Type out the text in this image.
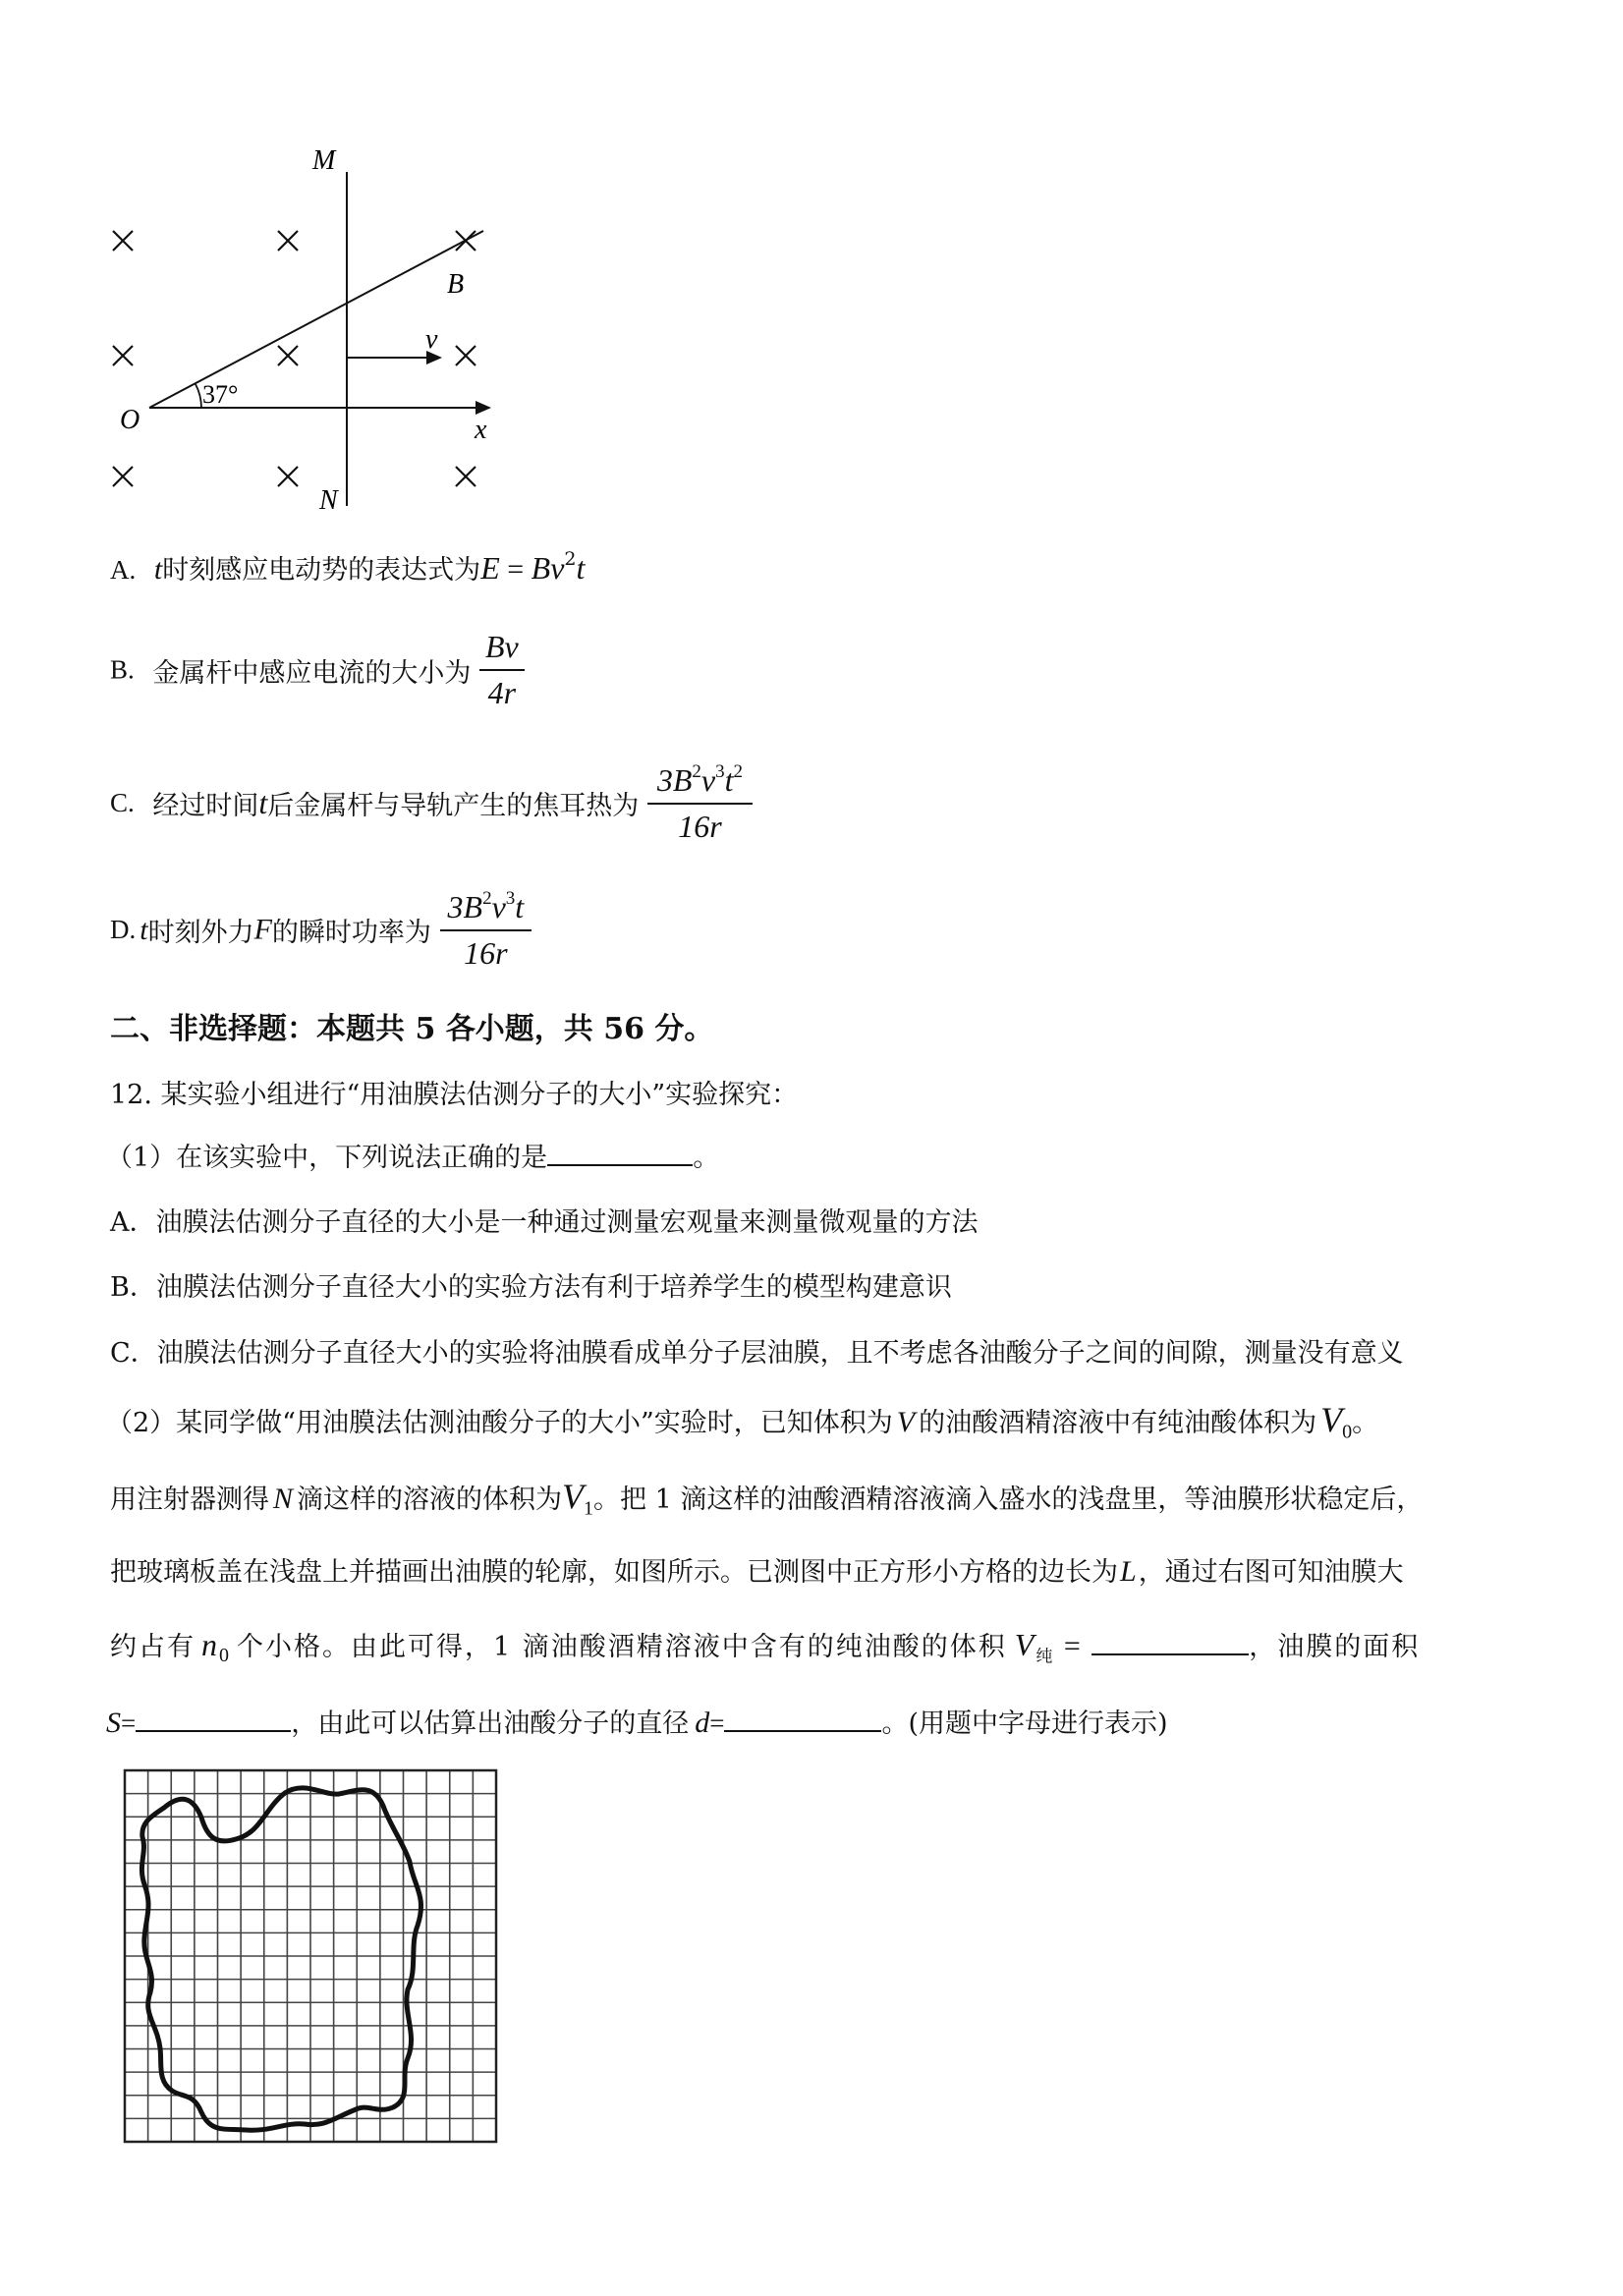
M
N
O
B
x
v
37°
A. t时刻感应电动势的表达式为$E = Bv^2t$
B. 金属杆中感应电流的大小为 $\frac{Bv}{4r}$
C. 经过时间t后金属杆与导轨产生的焦耳热为 $\frac{3B^2v^3t^2}{16r}$
D. t时刻外力F的瞬时功率为 $\frac{3B^2v^3t}{16r}$
二、非选择题：本题共 5 各小题，共 56 分。
12. 某实验小组进行“用油膜法估测分子的大小”实验探究：
（1）在该实验中，下列说法正确的是	。
A．油膜法估测分子直径的大小是一种通过测量宏观量来测量微观量的方法
B．油膜法估测分子直径大小的实验方法有利于培养学生的模型构建意识
C．油膜法估测分子直径大小的实验将油膜看成单分子层油膜，且不考虑各油酸分子之间的间隙，测量没有意义
（2）某同学做“用油膜法估测油酸分子的大小”实验时，已知体积为 V 的油酸酒精溶液中有纯油酸体积为 $V_0$。
用注射器测得 N 滴这样的溶液的体积为$V_1$。把 1 滴这样的油酸酒精溶液滴入盛水的浅盘里，等油膜形状稳定后，
把玻璃板盖在浅盘上并描画出油膜的轮廓，如图所示。已测图中正方形小方格的边长为L，通过右图可知油膜大
约占有 $n_0$ 个小格。由此可得，1 滴油酸酒精溶液中含有的纯油酸的体积 $V_纯$ =	，油膜的面积
S=	，由此可以估算出油酸分子的直径 d=	。(用题中字母进行表示)
